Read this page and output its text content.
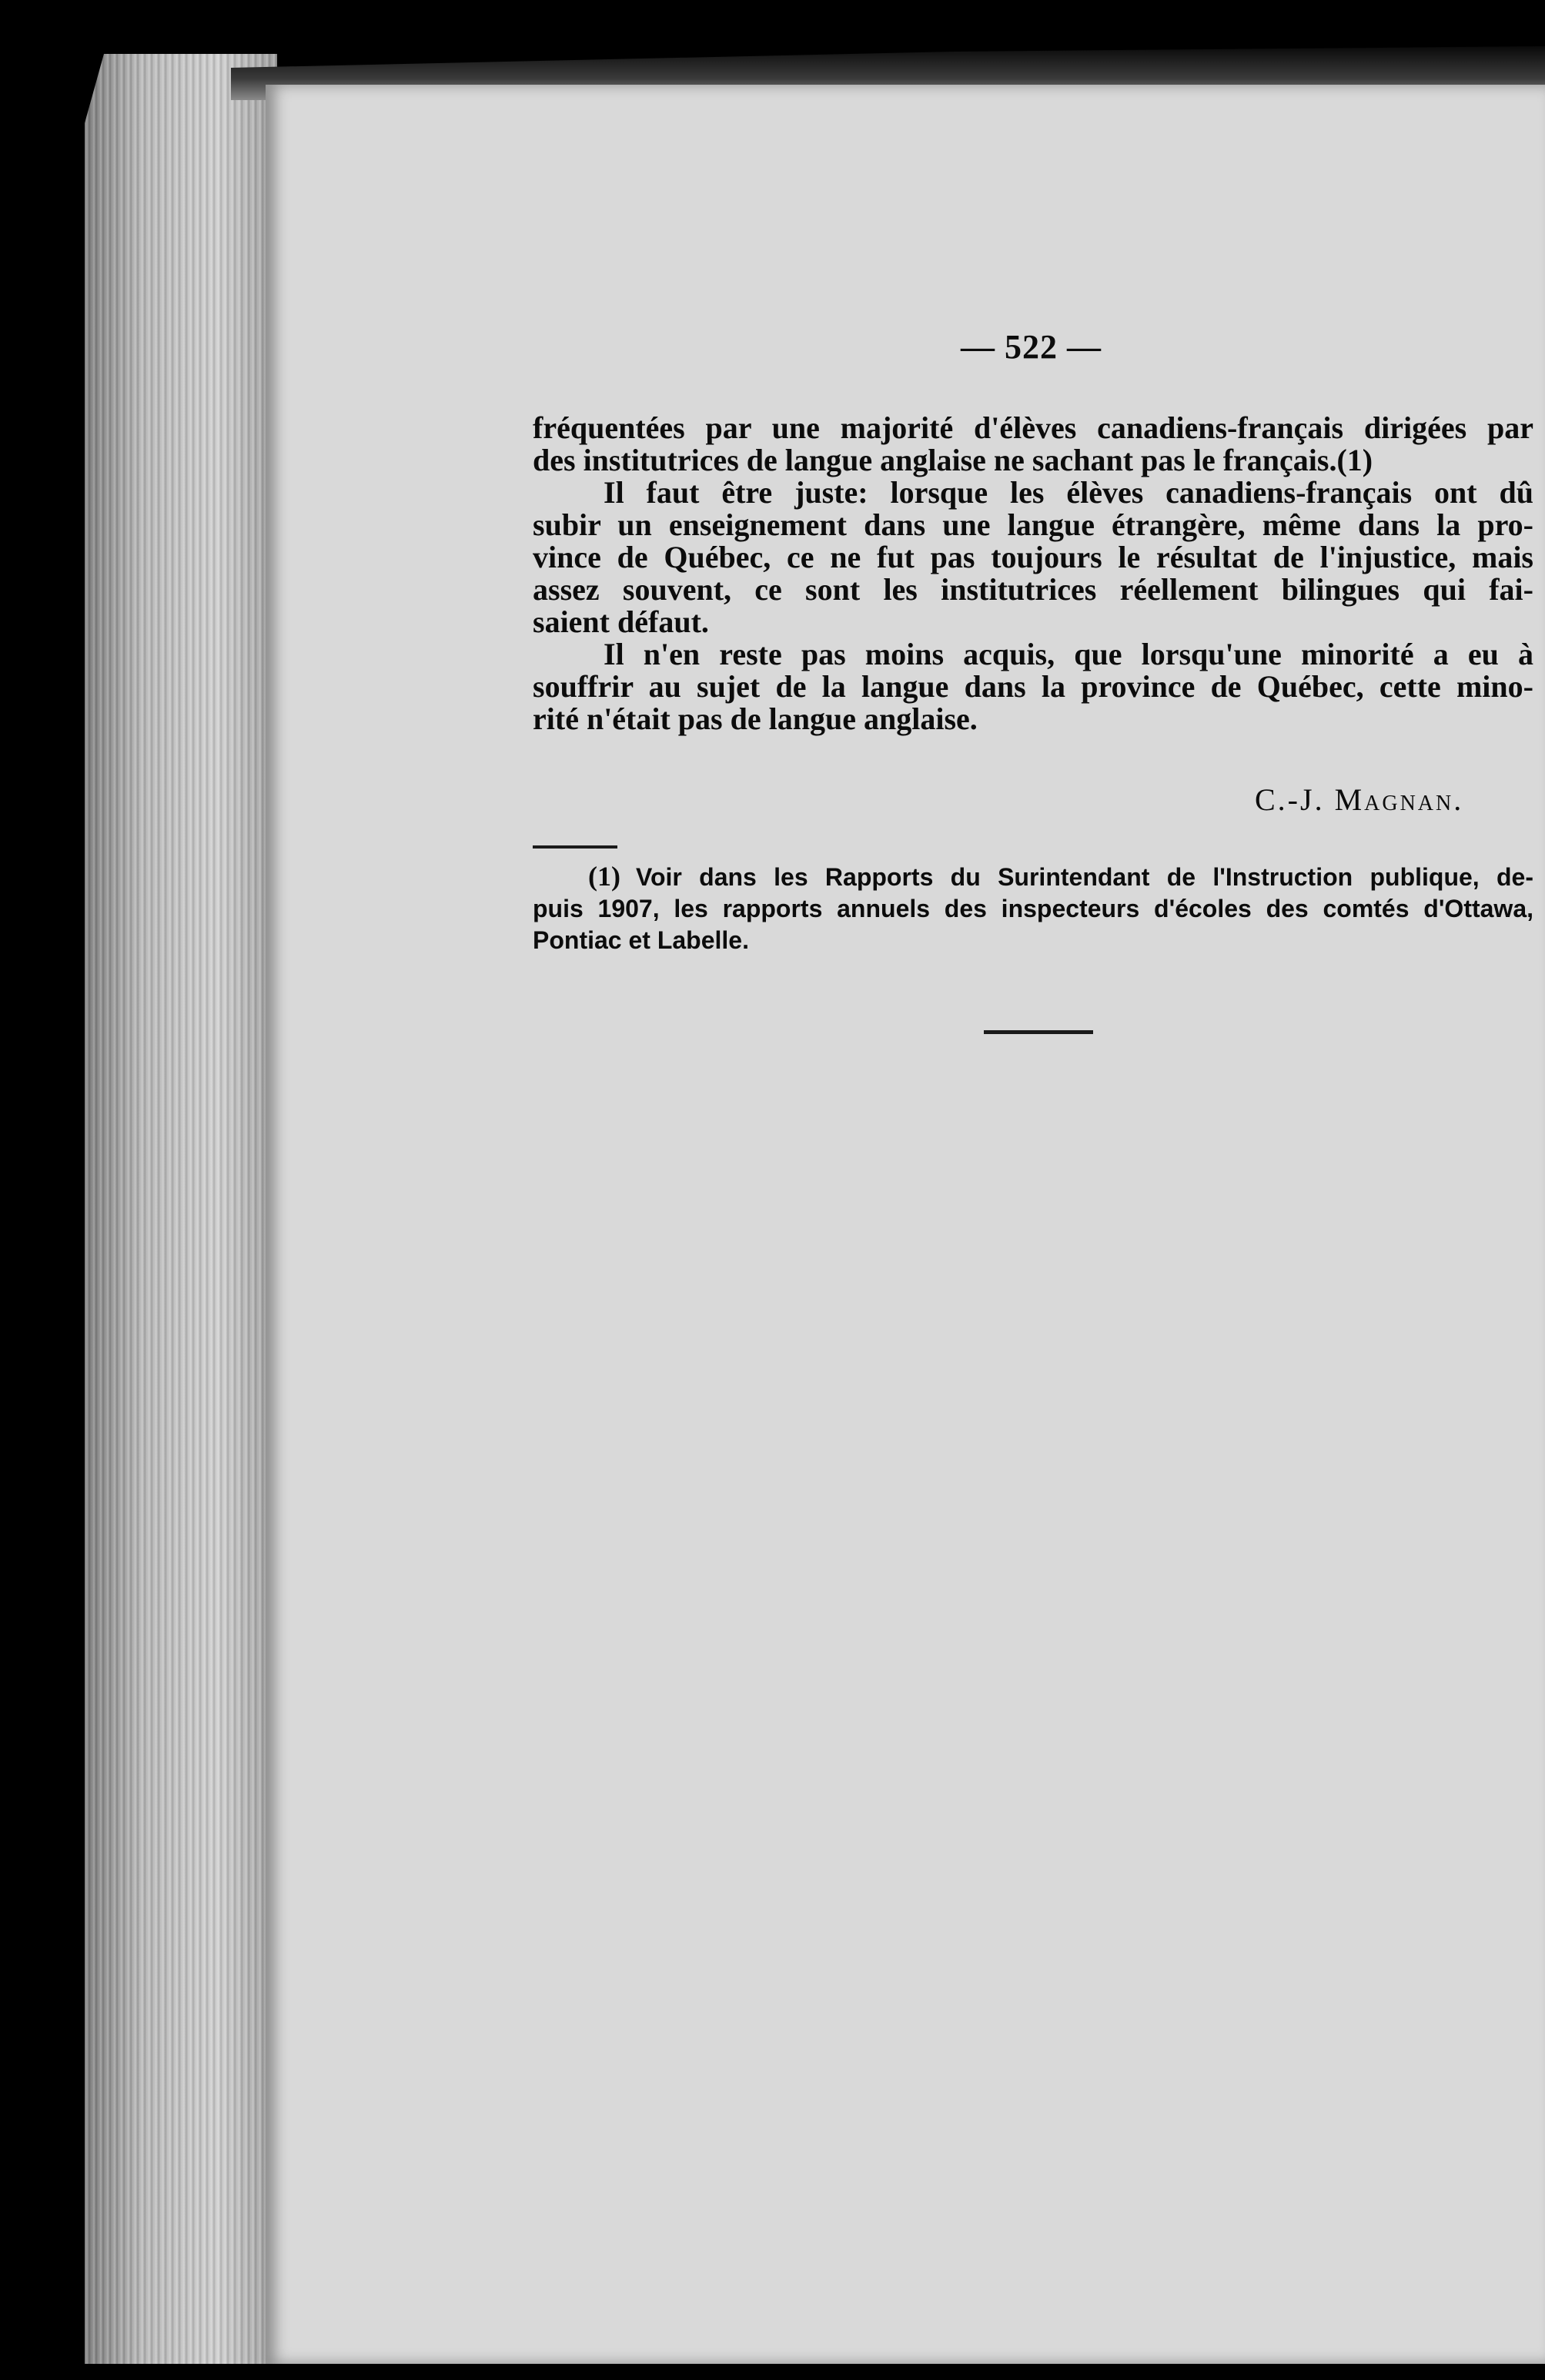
— 522 —
fréquentées par une majorité d'élèves canadiens-français dirigées par
des institutrices de langue anglaise ne sachant pas le français.(1)
Il faut être juste: lorsque les élèves canadiens-français ont dû
subir un enseignement dans une langue étrangère, même dans la pro-
vince de Québec, ce ne fut pas toujours le résultat de l'injustice, mais
assez souvent, ce sont les institutrices réellement bilingues qui fai-
saient défaut.
Il n'en reste pas moins acquis, que lorsqu'une minorité a eu à
souffrir au sujet de la langue dans la province de Québec, cette mino-
rité n'était pas de langue anglaise.
C.-J. Magnan.
(1) Voir dans les Rapports du Surintendant de l'Instruction publique, de-
puis 1907, les rapports annuels des inspecteurs d'écoles des comtés d'Ottawa,
Pontiac et Labelle.
